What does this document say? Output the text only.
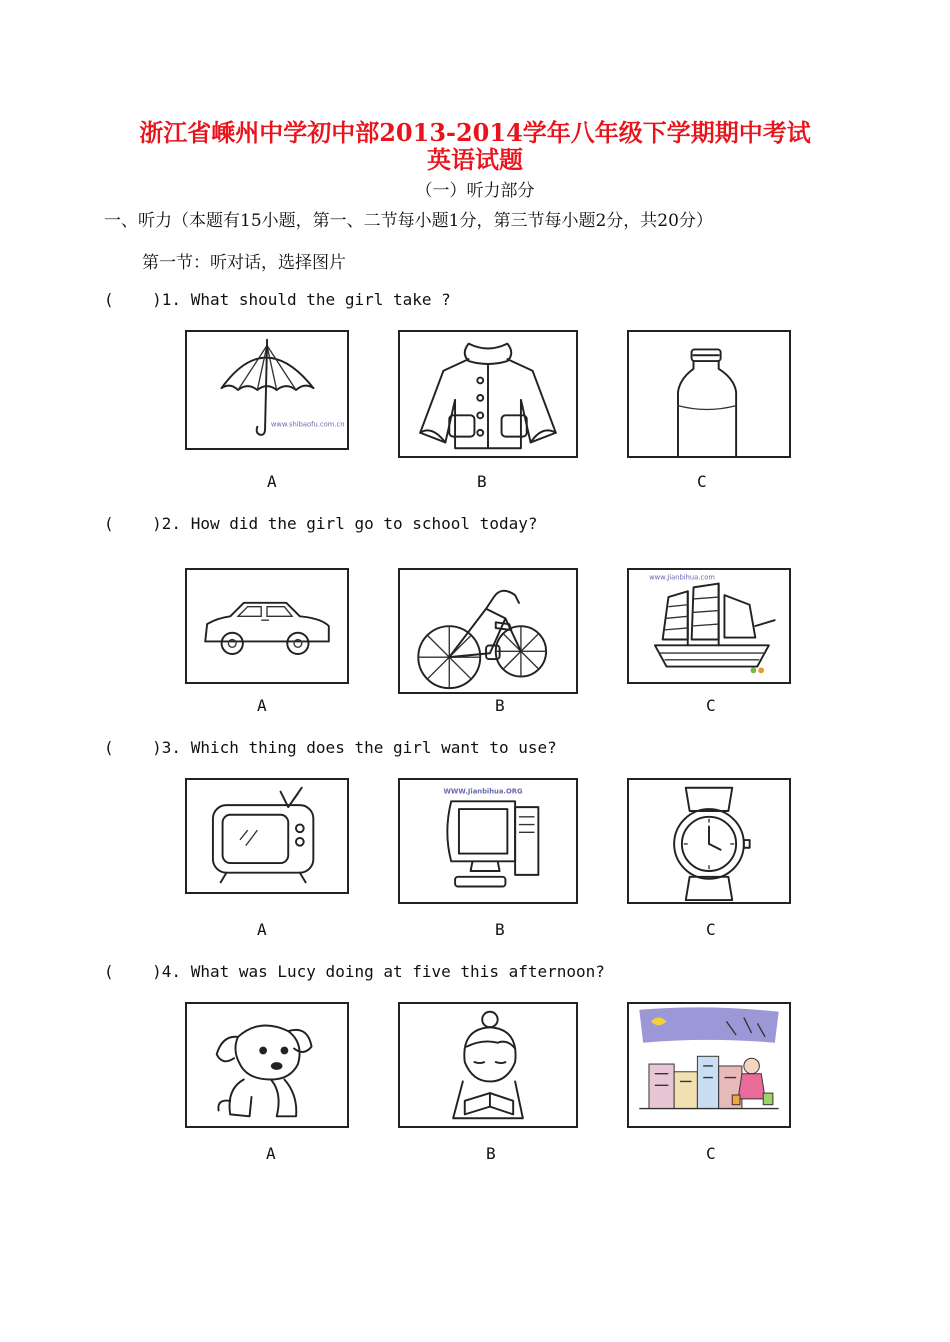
浙江省嵊州中学初中部2013-2014学年八年级下学期期中考试
英语试题
（一）听力部分
一、听力（本题有15小题，第一、二节每小题1分，第三节每小题2分，共20分）
第一节：听对话，选择图片
(    )1. What should the girl take ?
www.shibaofu.com.cn
A	B	C
(    )2. How did the girl go to school today?
www.Jianbihua.com
A	B	C
(    )3. Which thing does the girl want to use?
WWW.Jianbihua.ORG
A	B	C
(    )4. What was Lucy doing at five this afternoon?
A	B	C
